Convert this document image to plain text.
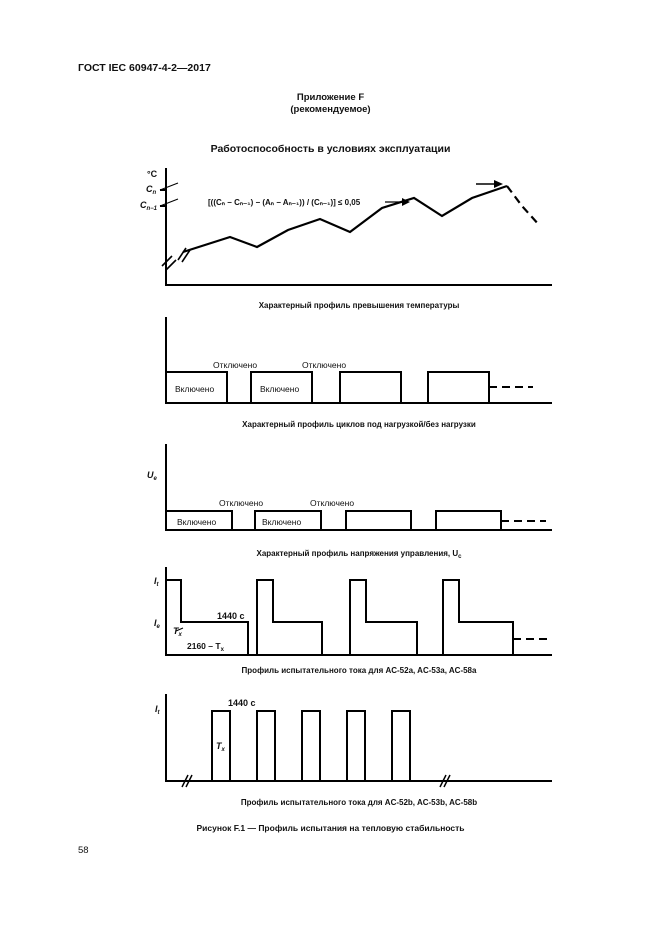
ГОСТ IEC 60947-4-2—2017
Приложение F
(рекомендуемое)
Работоспособность в условиях эксплуатации
°C
$C_n$
$C_{n-1}$
[((Cₙ − Cₙ₋₁) − (Aₙ − Aₙ₋₁)) / (Cₙ₋₁)] ≤ 0,05
Характерный профиль превышения температуры
Включено	Включено
Отключено	Отключено
Характерный профиль циклов под нагрузкой/без нагрузки
$U_e$
Включено	Включено
Отключено	Отключено
Характерный профиль напряжения управления, $U_c$
$I_t$
$I_e$
1440 с
$T_x$
$2160 - T_x$
Профиль испытательного тока для AC-52a, AC-53a, AC-58a
$I_t$
1440 с
$T_x$
Профиль испытательного тока для AC-52b, AC-53b, AC-58b
Рисунок F.1 — Профиль испытания на тепловую стабильность
58
